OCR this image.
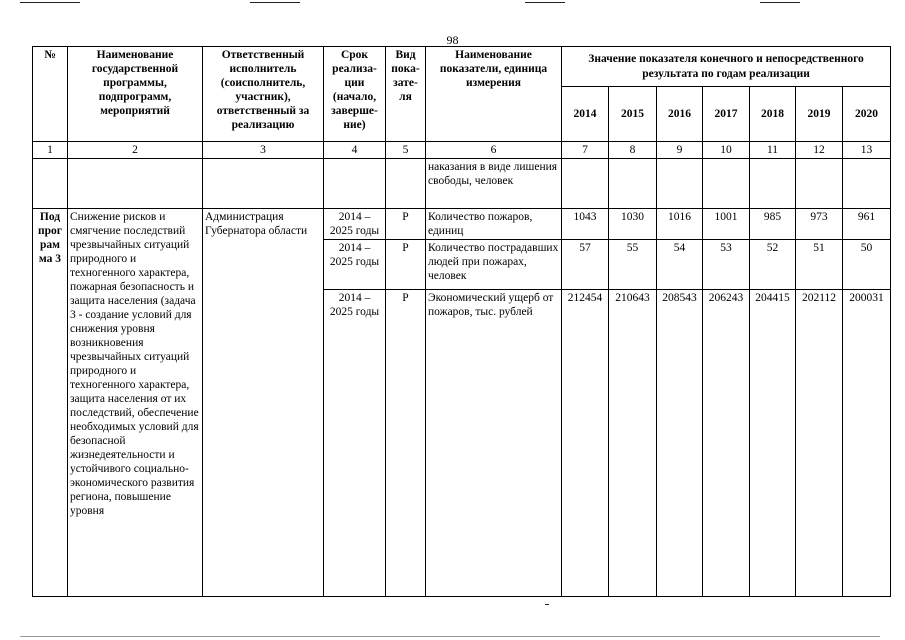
98
№	Наименование государственной программы, подпрограмм, мероприятий	Ответственный исполнитель (соисполнитель, участник), ответственный за реализацию	Срок реализа-ции (начало, заверше-ние)	Вид пока-зате-ля	Наименование показатели, единица измерения	Значение показателя конечного и непосредственного результата по годам реализации						
						2014	2015	2016	2017	2018	2019	2020
1	2	3	4	5	6	7	8	9	10	11	12	13
					наказания в виде лишения свободы, человек							
Под прог рам ма 3	Снижение рисков и смягчение последствий чрезвычайных ситуаций природного и техногенного характера, пожарная безопасность и защита населения (задача 3 - создание условий для снижения уровня возникновения чрезвычайных ситуаций природного и техногенного характера, защита населения от их последствий, обеспечение необходимых условий для безопасной жизнедеятельности и устойчивого социально-экономического развития региона, повышение уровня	Администрация Губернатора области	2014 – 2025 годы	Р	Количество пожаров, единиц	1043	1030	1016	1001	985	973	961
			2014 – 2025 годы	Р	Количество пострадавших людей при пожарах, человек	57	55	54	53	52	51	50
			2014 – 2025 годы	Р	Экономический ущерб от пожаров, тыс. рублей	212454	210643	208543	206243	204415	202112	200031
